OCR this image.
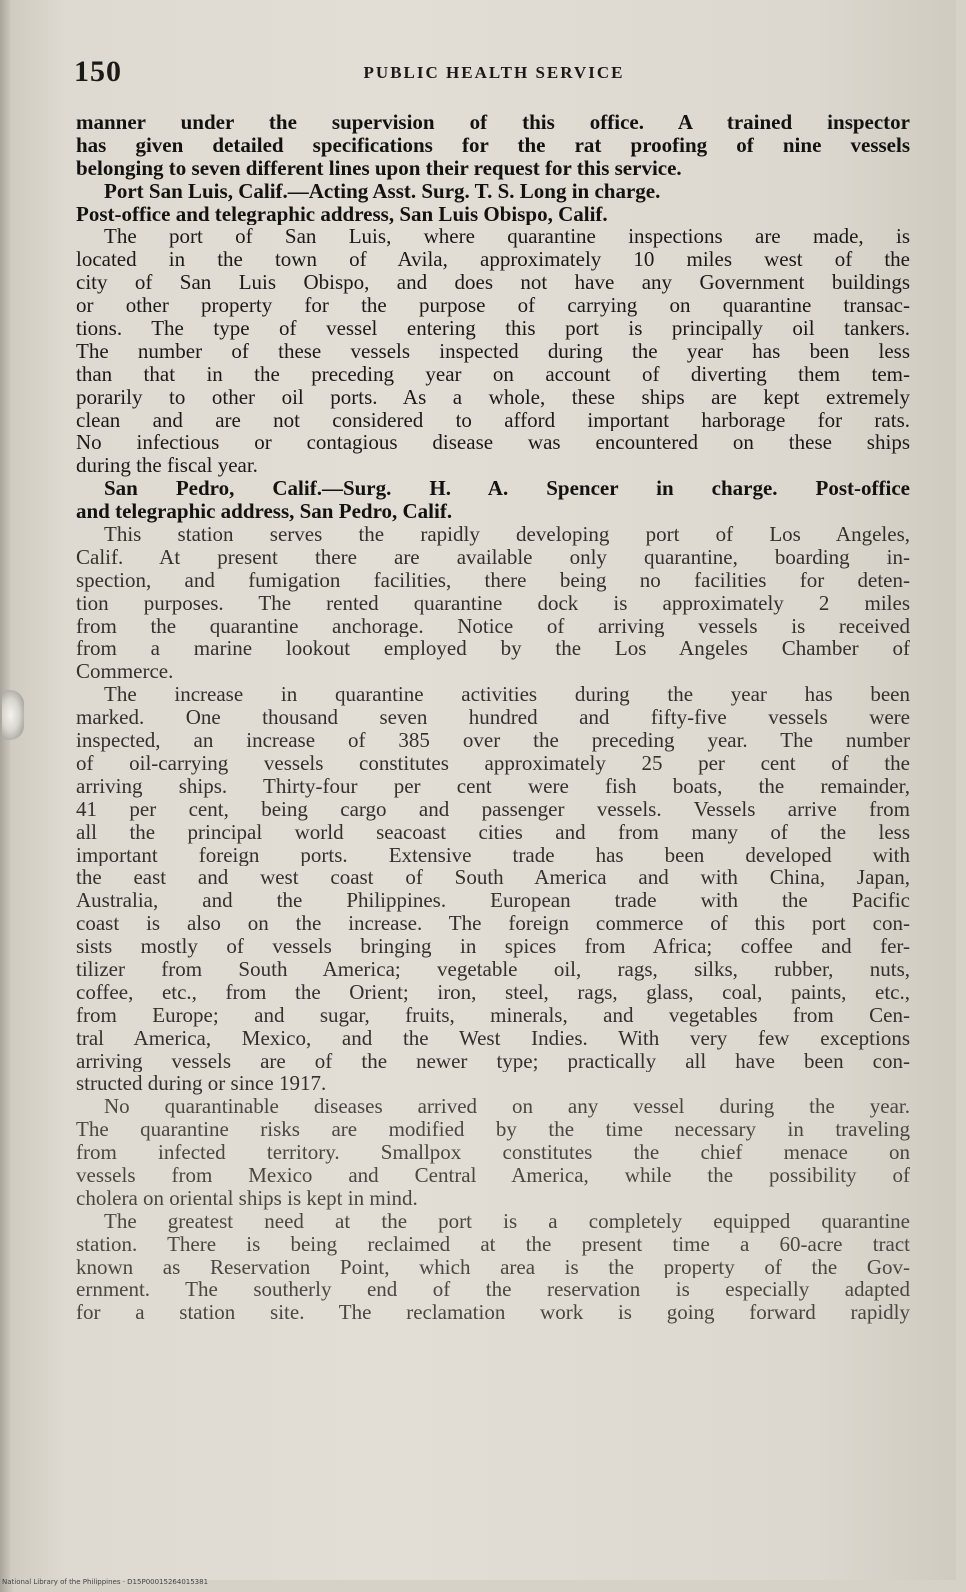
150	PUBLIC HEALTH SERVICE
manner under the supervision of this office. A trained inspector
has given detailed specifications for the rat proofing of nine vessels
belonging to seven different lines upon their request for this service.
Port San Luis, Calif.—Acting Asst. Surg. T. S. Long in charge.
Post-office and telegraphic address, San Luis Obispo, Calif.
The port of San Luis, where quarantine inspections are made, is
located in the town of Avila, approximately 10 miles west of the
city of San Luis Obispo, and does not have any Government buildings
or other property for the purpose of carrying on quarantine transac-
tions. The type of vessel entering this port is principally oil tankers.
The number of these vessels inspected during the year has been less
than that in the preceding year on account of diverting them tem-
porarily to other oil ports. As a whole, these ships are kept extremely
clean and are not considered to afford important harborage for rats.
No infectious or contagious disease was encountered on these ships
during the fiscal year.
San Pedro, Calif.—Surg. H. A. Spencer in charge. Post-office
and telegraphic address, San Pedro, Calif.
This station serves the rapidly developing port of Los Angeles,
Calif. At present there are available only quarantine, boarding in-
spection, and fumigation facilities, there being no facilities for deten-
tion purposes. The rented quarantine dock is approximately 2 miles
from the quarantine anchorage. Notice of arriving vessels is received
from a marine lookout employed by the Los Angeles Chamber of
Commerce.
The increase in quarantine activities during the year has been
marked. One thousand seven hundred and fifty-five vessels were
inspected, an increase of 385 over the preceding year. The number
of oil-carrying vessels constitutes approximately 25 per cent of the
arriving ships. Thirty-four per cent were fish boats, the remainder,
41 per cent, being cargo and passenger vessels. Vessels arrive from
all the principal world seacoast cities and from many of the less
important foreign ports. Extensive trade has been developed with
the east and west coast of South America and with China, Japan,
Australia, and the Philippines. European trade with the Pacific
coast is also on the increase. The foreign commerce of this port con-
sists mostly of vessels bringing in spices from Africa; coffee and fer-
tilizer from South America; vegetable oil, rags, silks, rubber, nuts,
coffee, etc., from the Orient; iron, steel, rags, glass, coal, paints, etc.,
from Europe; and sugar, fruits, minerals, and vegetables from Cen-
tral America, Mexico, and the West Indies. With very few exceptions
arriving vessels are of the newer type; practically all have been con-
structed during or since 1917.
No quarantinable diseases arrived on any vessel during the year.
The quarantine risks are modified by the time necessary in traveling
from infected territory. Smallpox constitutes the chief menace on
vessels from Mexico and Central America, while the possibility of
cholera on oriental ships is kept in mind.
The greatest need at the port is a completely equipped quarantine
station. There is being reclaimed at the present time a 60-acre tract
known as Reservation Point, which area is the property of the Gov-
ernment. The southerly end of the reservation is especially adapted
for a station site. The reclamation work is going forward rapidly
National Library of the Philippines · D15P00015264015381
